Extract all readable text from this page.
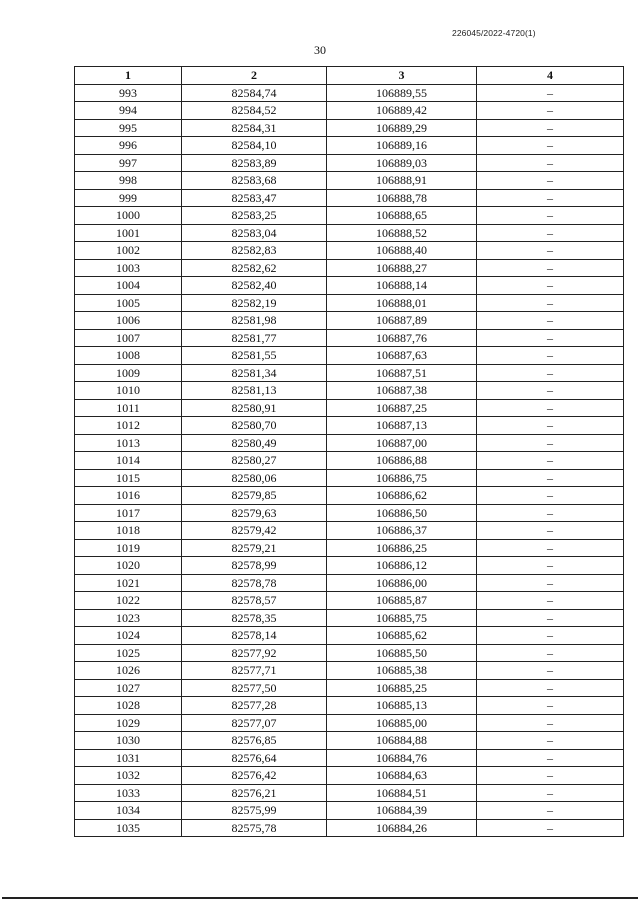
226045/2022-4720(1)
30
1	2	3	4
993	82584,74	106889,55	–
994	82584,52	106889,42	–
995	82584,31	106889,29	–
996	82584,10	106889,16	–
997	82583,89	106889,03	–
998	82583,68	106888,91	–
999	82583,47	106888,78	–
1000	82583,25	106888,65	–
1001	82583,04	106888,52	–
1002	82582,83	106888,40	–
1003	82582,62	106888,27	–
1004	82582,40	106888,14	–
1005	82582,19	106888,01	–
1006	82581,98	106887,89	–
1007	82581,77	106887,76	–
1008	82581,55	106887,63	–
1009	82581,34	106887,51	–
1010	82581,13	106887,38	–
1011	82580,91	106887,25	–
1012	82580,70	106887,13	–
1013	82580,49	106887,00	–
1014	82580,27	106886,88	–
1015	82580,06	106886,75	–
1016	82579,85	106886,62	–
1017	82579,63	106886,50	–
1018	82579,42	106886,37	–
1019	82579,21	106886,25	–
1020	82578,99	106886,12	–
1021	82578,78	106886,00	–
1022	82578,57	106885,87	–
1023	82578,35	106885,75	–
1024	82578,14	106885,62	–
1025	82577,92	106885,50	–
1026	82577,71	106885,38	–
1027	82577,50	106885,25	–
1028	82577,28	106885,13	–
1029	82577,07	106885,00	–
1030	82576,85	106884,88	–
1031	82576,64	106884,76	–
1032	82576,42	106884,63	–
1033	82576,21	106884,51	–
1034	82575,99	106884,39	–
1035	82575,78	106884,26	–
